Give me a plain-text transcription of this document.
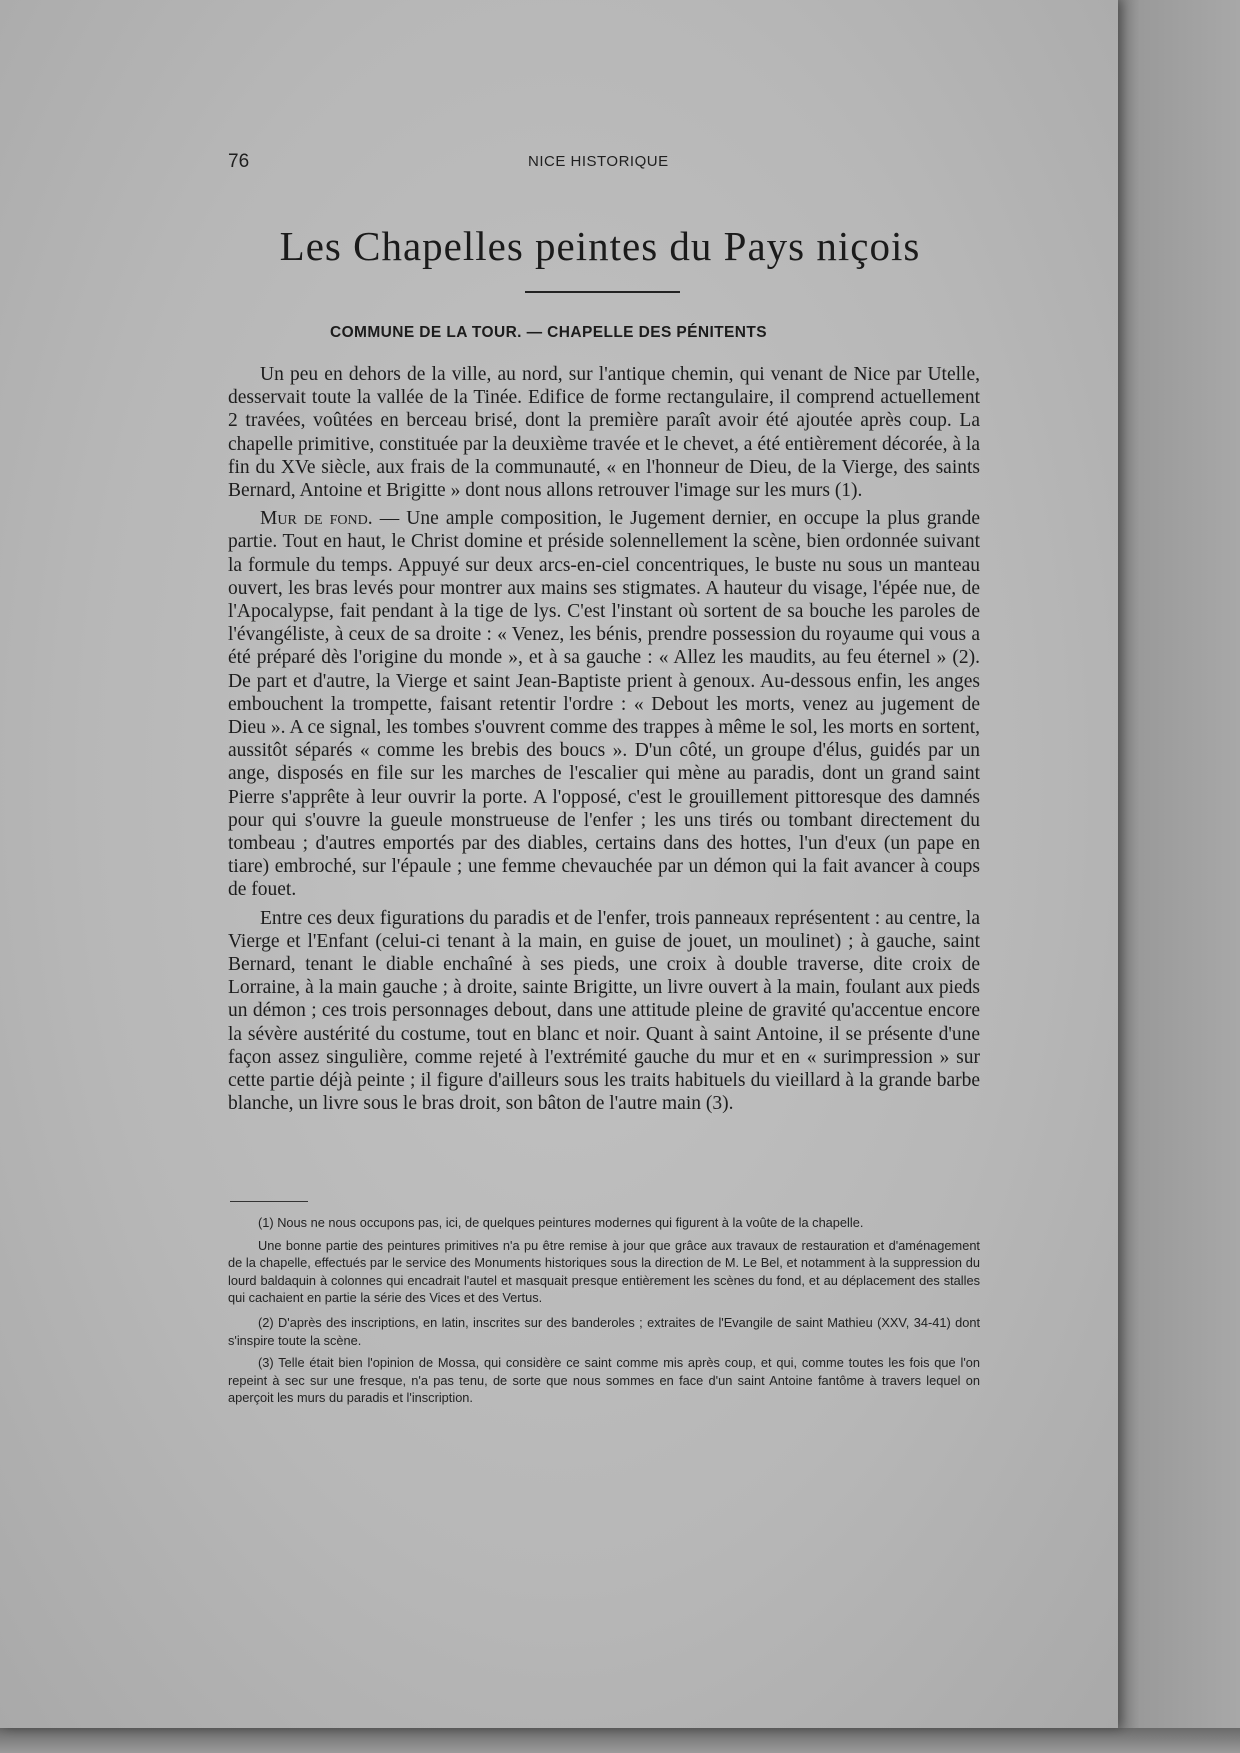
76	NICE HISTORIQUE
Les Chapelles peintes du Pays niçois
COMMUNE DE LA TOUR. — CHAPELLE DES PÉNITENTS

Un peu en dehors de la ville, au nord, sur l'antique chemin, qui venant de Nice par Utelle, desservait toute la vallée de la Tinée. Edifice de forme rectangulaire, il comprend actuellement 2 travées, voûtées en berceau brisé, dont la première paraît avoir été ajoutée après coup. La chapelle primitive, constituée par la deuxième travée et le chevet, a été entièrement décorée, à la fin du XVe siècle, aux frais de la communauté, « en l'honneur de Dieu, de la Vierge, des saints Bernard, Antoine et Brigitte » dont nous allons retrouver l'image sur les murs (1).

Mur de fond. — Une ample composition, le Jugement dernier, en occupe la plus grande partie. Tout en haut, le Christ domine et préside solennellement la scène, bien ordonnée suivant la formule du temps. Appuyé sur deux arcs-en-ciel concentriques, le buste nu sous un manteau ouvert, les bras levés pour montrer aux mains ses stigmates. A hauteur du visage, l'épée nue, de l'Apocalypse, fait pendant à la tige de lys. C'est l'instant où sortent de sa bouche les paroles de l'évangéliste, à ceux de sa droite : « Venez, les bénis, prendre possession du royaume qui vous a été préparé dès l'origine du monde », et à sa gauche : « Allez les maudits, au feu éternel » (2). De part et d'autre, la Vierge et saint Jean-Baptiste prient à genoux. Au-dessous enfin, les anges embouchent la trompette, faisant retentir l'ordre : « Debout les morts, venez au jugement de Dieu ». A ce signal, les tombes s'ouvrent comme des trappes à même le sol, les morts en sortent, aussitôt séparés « comme les brebis des boucs ». D'un côté, un groupe d'élus, guidés par un ange, disposés en file sur les marches de l'escalier qui mène au paradis, dont un grand saint Pierre s'apprête à leur ouvrir la porte. A l'opposé, c'est le grouillement pittoresque des damnés pour qui s'ouvre la gueule monstrueuse de l'enfer ; les uns tirés ou tombant directement du tombeau ; d'autres emportés par des diables, certains dans des hottes, l'un d'eux (un pape en tiare) embroché, sur l'épaule ; une femme chevauchée par un démon qui la fait avancer à coups de fouet.

Entre ces deux figurations du paradis et de l'enfer, trois panneaux représentent : au centre, la Vierge et l'Enfant (celui-ci tenant à la main, en guise de jouet, un moulinet) ; à gauche, saint Bernard, tenant le diable enchaîné à ses pieds, une croix à double traverse, dite croix de Lorraine, à la main gauche ; à droite, sainte Brigitte, un livre ouvert à la main, foulant aux pieds un démon ; ces trois personnages debout, dans une attitude pleine de gravité qu'accentue encore la sévère austérité du costume, tout en blanc et noir. Quant à saint Antoine, il se présente d'une façon assez singulière, comme rejeté à l'extrémité gauche du mur et en « surimpression » sur cette partie déjà peinte ; il figure d'ailleurs sous les traits habituels du vieillard à la grande barbe blanche, un livre sous le bras droit, son bâton de l'autre main (3).

(1) Nous ne nous occupons pas, ici, de quelques peintures modernes qui figurent à la voûte de la chapelle.

Une bonne partie des peintures primitives n'a pu être remise à jour que grâce aux travaux de restauration et d'aménagement de la chapelle, effectués par le service des Monuments historiques sous la direction de M. Le Bel, et notamment à la suppression du lourd baldaquin à colonnes qui encadrait l'autel et masquait presque entièrement les scènes du fond, et au déplacement des stalles qui cachaient en partie la série des Vices et des Vertus.

(2) D'après des inscriptions, en latin, inscrites sur des banderoles ; extraites de l'Evangile de saint Mathieu (XXV, 34-41) dont s'inspire toute la scène.

(3) Telle était bien l'opinion de Mossa, qui considère ce saint comme mis après coup, et qui, comme toutes les fois que l'on repeint à sec sur une fresque, n'a pas tenu, de sorte que nous sommes en face d'un saint Antoine fantôme à travers lequel on aperçoit les murs du paradis et l'inscription.
